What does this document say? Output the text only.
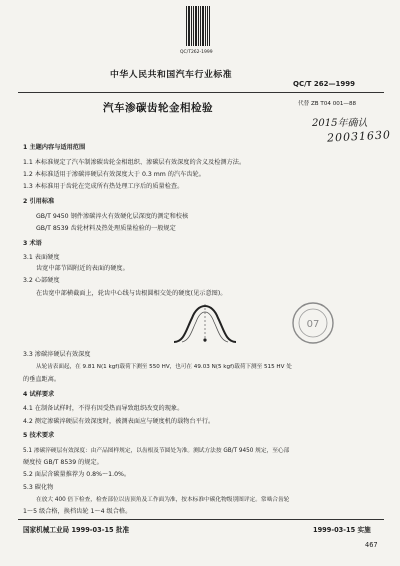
QC/T262-1999
中华人民共和国汽车行业标准
QC/T 262—1999
汽车渗碳齿轮金相检验	代替 ZB T04 001—88
2015年确认
20031630
1 主题内容与适用范围
1.1 本标准规定了汽车制渗碳齿轮金相组织、渗碳层有效深度的含义及检测方法。
1.2 本标准适用于渗碳淬硬层有效深度大于 0.3 mm 的汽车齿轮。
1.3 本标准用于齿轮在完成所有热处理工序后的质量检查。
2 引用标准
GB/T 9450 钢件渗碳淬火有效硬化层深度的测定和校核
GB/T 8539 齿轮材料及热处理质量检验的一般规定
3 术语
3.1 表面硬度
齿宽中部节圆附近的表面的硬度。
3.2 心部硬度
在齿宽中部横截面上，轮齿中心线与齿根圆相交处的硬度(见示意图)。
07
3.3 渗碳淬硬层有效深度
从轮齿表面起，在 9.81 N(1 kgf)载荷下测至 550 HV，也可在 49.03 N(5 kgf)载荷下测至 515 HV 处
的垂直距离。
4 试样要求
4.1 在制备试样时，不得有因受热而导致组织改变的现象。
4.2 测定渗碳淬硬层有效深度时，被测表面应与硬度机的载物台平行。
5 技术要求
5.1 渗碳淬硬层有效深度：由产品图样规定，以齿根及节圆处为准。测试方法按 GB/T 9450 规定，至心部
硬度按 GB/T 8539 的规定。
5.2 面层含碳量推荐为 0.8%～1.0%。
5.3 碳化物
在放大 400 倍下检查，检查部位以齿顶角及工作面为准，按本标准中碳化物级别图评定。常啮合齿轮
1～5 级合格，换档齿轮 1～4 级合格。
国家机械工业局 1999-03-15 批准	1999-03-15 实施
467
